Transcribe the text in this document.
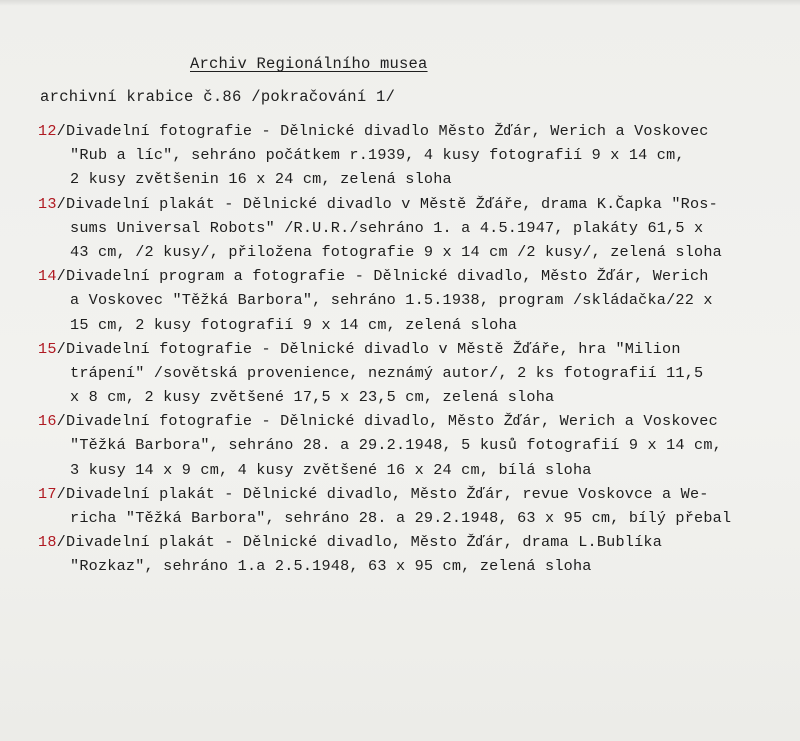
Archiv Regionálního musea
archivní krabice č.86 /pokračování 1/
12/Divadelní fotografie - Dělnické divadlo Město Žďár, Werich a Voskovec
"Rub a líc", sehráno počátkem r.1939, 4 kusy fotografií 9 x 14 cm,
2 kusy zvětšenin 16 x 24 cm, zelená sloha
13/Divadelní plakát - Dělnické divadlo v Městě Žďáře, drama K.Čapka "Ros-
sums Universal Robots" /R.U.R./sehráno 1. a 4.5.1947, plakáty 61,5 x
43 cm, /2 kusy/, přiložena fotografie 9 x 14 cm /2 kusy/, zelená sloha
14/Divadelní program a fotografie - Dělnické divadlo, Město Žďár, Werich
a Voskovec "Těžká Barbora", sehráno 1.5.1938, program /skládačka/22 x
15 cm, 2 kusy fotografií 9 x 14 cm, zelená sloha
15/Divadelní fotografie - Dělnické divadlo v Městě Žďáře, hra "Milion
trápení" /sovětská provenience, neznámý autor/, 2 ks fotografií 11,5
x 8 cm, 2 kusy zvětšené 17,5 x 23,5 cm, zelená sloha
16/Divadelní fotografie - Dělnické divadlo, Město Žďár, Werich a Voskovec
"Těžká Barbora", sehráno 28. a 29.2.1948, 5 kusů fotografií 9 x 14 cm,
3 kusy 14 x 9 cm, 4 kusy zvětšené 16 x 24 cm, bílá sloha
17/Divadelní plakát - Dělnické divadlo, Město Žďár, revue Voskovce a We-
richa "Těžká Barbora", sehráno 28. a 29.2.1948, 63 x 95 cm, bílý přebal
18/Divadelní plakát - Dělnické divadlo, Město Žďár, drama L.Bublíka
"Rozkaz", sehráno 1.a 2.5.1948, 63 x 95 cm, zelená sloha
